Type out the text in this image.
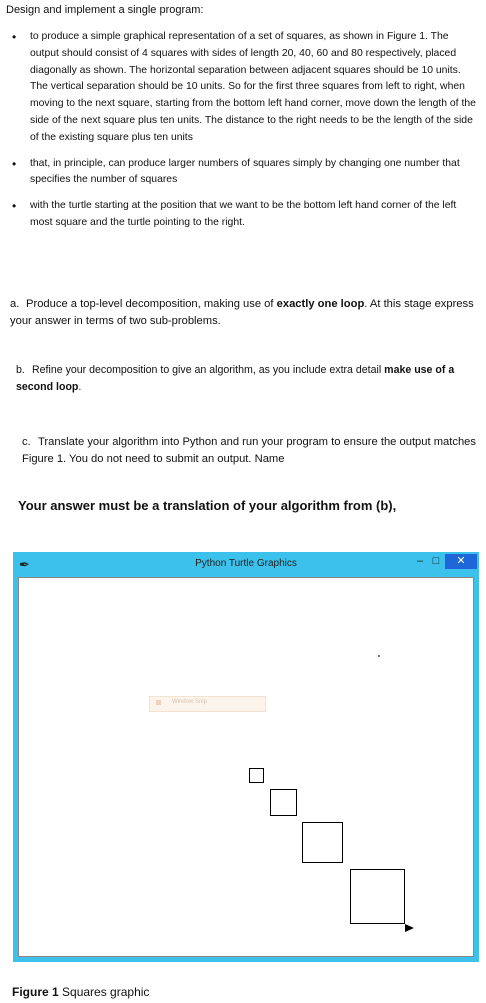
Design and implement a single program:
• to produce a simple graphical representation of a set of squares, as shown in Figure 1. The output should consist of 4 squares with sides of length 20, 40, 60 and 80 respectively, placed diagonally as shown. The horizontal separation between adjacent squares should be 10 units. The vertical separation should be 10 units. So for the first three squares from left to right, when moving to the next square, starting from the bottom left hand corner, move down the length of the side of the next square plus ten units. The distance to the right needs to be the length of the side of the existing square plus ten units
• that, in principle, can produce larger numbers of squares simply by changing one number that specifies the number of squares
• with the turtle starting at the position that we want to be the bottom left hand corner of the left most square and the turtle pointing to the right.
a. Produce a top-level decomposition, making use of exactly one loop. At this stage express your answer in terms of two sub-problems.
b. Refine your decomposition to give an algorithm, as you include extra detail make use of a second loop.
c. Translate your algorithm into Python and run your program to ensure the output matches Figure 1. You do not need to submit an output. Name
Your answer must be a translation of your algorithm from (b),
✒	Python Turtle Graphics	– □	✕
Window Snip
Figure 1 Squares graphic
